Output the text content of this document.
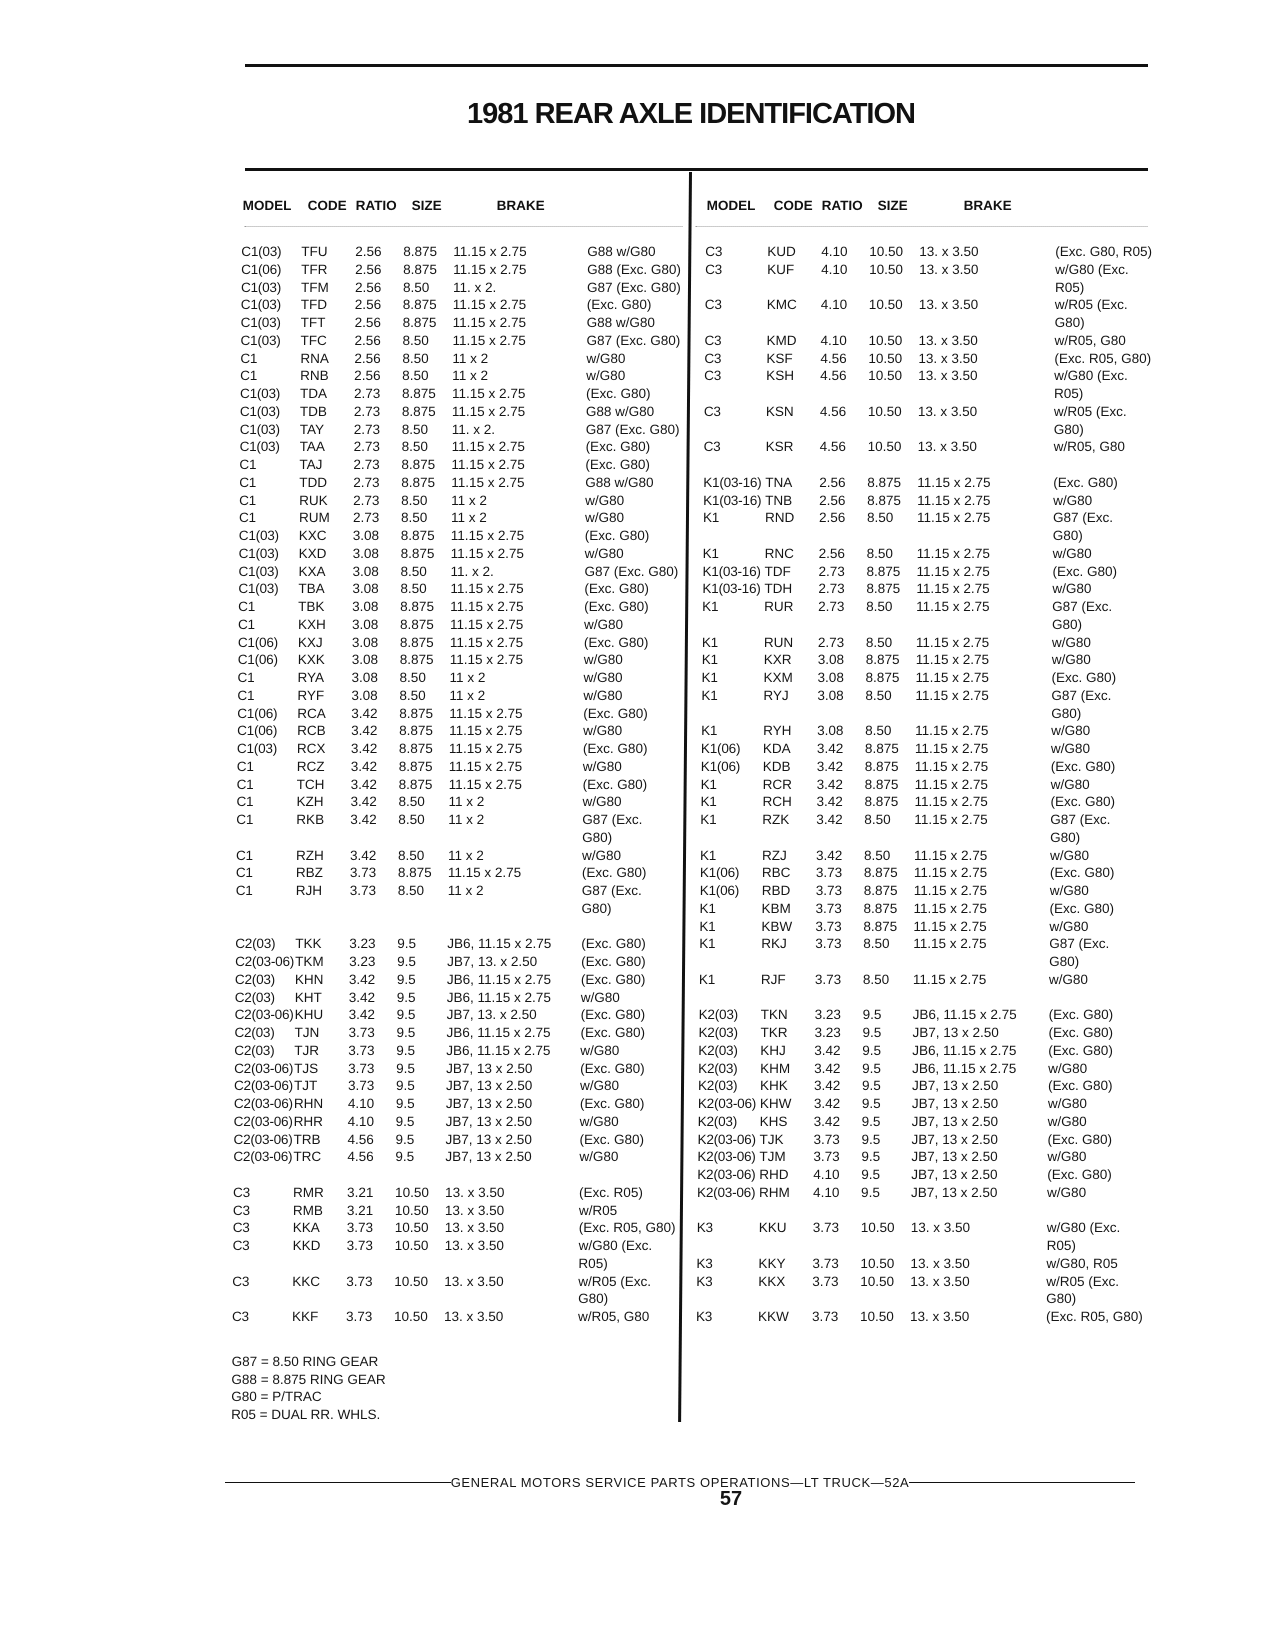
1981 REAR AXLE IDENTIFICATION
MODEL	CODE RATIO	SIZE	BRAKE
C1(03)	TFU	2.56	8.875	11.15 x 2.75	G88 w/G80
C1(06)	TFR	2.56	8.875	11.15 x 2.75	G88 (Exc. G80)
C1(03)	TFM	2.56	8.50	11. x 2.	G87 (Exc. G80)
C1(03)	TFD	2.56	8.875	11.15 x 2.75	(Exc. G80)
C1(03)	TFT	2.56	8.875	11.15 x 2.75	G88 w/G80
C1(03)	TFC	2.56	8.50	11.15 x 2.75	G87 (Exc. G80)
C1	RNA	2.56	8.50	11 x 2	w/G80
C1	RNB	2.56	8.50	11 x 2	w/G80
C1(03)	TDA	2.73	8.875	11.15 x 2.75	(Exc. G80)
C1(03)	TDB	2.73	8.875	11.15 x 2.75	G88 w/G80
C1(03)	TAY	2.73	8.50	11. x 2.	G87 (Exc. G80)
C1(03)	TAA	2.73	8.50	11.15 x 2.75	(Exc. G80)
C1	TAJ	2.73	8.875	11.15 x 2.75	(Exc. G80)
C1	TDD	2.73	8.875	11.15 x 2.75	G88 w/G80
C1	RUK	2.73	8.50	11 x 2	w/G80
C1	RUM	2.73	8.50	11 x 2	w/G80
C1(03)	KXC	3.08	8.875	11.15 x 2.75	(Exc. G80)
C1(03)	KXD	3.08	8.875	11.15 x 2.75	w/G80
C1(03)	KXA	3.08	8.50	11. x 2.	G87 (Exc. G80)
C1(03)	TBA	3.08	8.50	11.15 x 2.75	(Exc. G80)
C1	TBK	3.08	8.875	11.15 x 2.75	(Exc. G80)
C1	KXH	3.08	8.875	11.15 x 2.75	w/G80
C1(06)	KXJ	3.08	8.875	11.15 x 2.75	(Exc. G80)
C1(06)	KXK	3.08	8.875	11.15 x 2.75	w/G80
C1	RYA	3.08	8.50	11 x 2	w/G80
C1	RYF	3.08	8.50	11 x 2	w/G80
C1(06)	RCA	3.42	8.875	11.15 x 2.75	(Exc. G80)
C1(06)	RCB	3.42	8.875	11.15 x 2.75	w/G80
C1(03)	RCX	3.42	8.875	11.15 x 2.75	(Exc. G80)
C1	RCZ	3.42	8.875	11.15 x 2.75	w/G80
C1	TCH	3.42	8.875	11.15 x 2.75	(Exc. G80)
C1	KZH	3.42	8.50	11 x 2	w/G80
C1	RKB	3.42	8.50	11 x 2	G87 (Exc.
G80)
C1	RZH	3.42	8.50	11 x 2	w/G80
C1	RBZ	3.73	8.875	11.15 x 2.75	(Exc. G80)
C1	RJH	3.73	8.50	11 x 2	G87 (Exc.
G80)
C2(03)	TKK	3.23	9.5	JB6, 11.15 x 2.75	(Exc. G80)
C2(03-06) TKM	3.23	9.5	JB7, 13. x 2.50	(Exc. G80)
C2(03)	KHN	3.42	9.5	JB6, 11.15 x 2.75	(Exc. G80)
C2(03)	KHT	3.42	9.5	JB6, 11.15 x 2.75	w/G80
C2(03-06) KHU	3.42	9.5	JB7, 13. x 2.50	(Exc. G80)
C2(03)	TJN	3.73	9.5	JB6, 11.15 x 2.75	(Exc. G80)
C2(03)	TJR	3.73	9.5	JB6, 11.15 x 2.75	w/G80
C2(03-06) TJS	3.73	9.5	JB7, 13 x 2.50	(Exc. G80)
C2(03-06) TJT	3.73	9.5	JB7, 13 x 2.50	w/G80
C2(03-06) RHN	4.10	9.5	JB7, 13 x 2.50	(Exc. G80)
C2(03-06) RHR	4.10	9.5	JB7, 13 x 2.50	w/G80
C2(03-06) TRB	4.56	9.5	JB7, 13 x 2.50	(Exc. G80)
C2(03-06) TRC	4.56	9.5	JB7, 13 x 2.50	w/G80
C3	RMR	3.21	10.50	13. x 3.50	(Exc. R05)
C3	RMB	3.21	10.50	13. x 3.50	w/R05
C3	KKA	3.73	10.50	13. x 3.50	(Exc. R05, G80)
C3	KKD	3.73	10.50	13. x 3.50	w/G80 (Exc.
R05)
C3	KKC	3.73	10.50	13. x 3.50	w/R05 (Exc.
G80)
C3	KKF	3.73	10.50	13. x 3.50	w/R05, G80
G87 = 8.50 RING GEAR
G88 = 8.875 RING GEAR
G80 = P/TRAC
R05 = DUAL RR. WHLS.
MODEL	CODE RATIO	SIZE	BRAKE
C3	KUD	4.10	10.50	13. x 3.50	(Exc. G80, R05)
C3	KUF	4.10	10.50	13. x 3.50	w/G80 (Exc.
R05)
C3	KMC	4.10	10.50	13. x 3.50	w/R05 (Exc.
G80)
C3	KMD	4.10	10.50	13. x 3.50	w/R05, G80
C3	KSF	4.56	10.50	13. x 3.50	(Exc. R05, G80)
C3	KSH	4.56	10.50	13. x 3.50	w/G80 (Exc.
R05)
C3	KSN	4.56	10.50	13. x 3.50	w/R05 (Exc.
G80)
C3	KSR	4.56	10.50	13. x 3.50	w/R05, G80
K1(03-16) TNA	2.56	8.875	11.15 x 2.75	(Exc. G80)
K1(03-16) TNB	2.56	8.875	11.15 x 2.75	w/G80
K1	RND	2.56	8.50	11.15 x 2.75	G87 (Exc.
G80)
K1	RNC	2.56	8.50	11.15 x 2.75	w/G80
K1(03-16) TDF	2.73	8.875	11.15 x 2.75	(Exc. G80)
K1(03-16) TDH	2.73	8.875	11.15 x 2.75	w/G80
K1	RUR	2.73	8.50	11.15 x 2.75	G87 (Exc.
G80)
K1	RUN	2.73	8.50	11.15 x 2.75	w/G80
K1	KXR	3.08	8.875	11.15 x 2.75	w/G80
K1	KXM	3.08	8.875	11.15 x 2.75	(Exc. G80)
K1	RYJ	3.08	8.50	11.15 x 2.75	G87 (Exc.
G80)
K1	RYH	3.08	8.50	11.15 x 2.75	w/G80
K1(06)	KDA	3.42	8.875	11.15 x 2.75	w/G80
K1(06)	KDB	3.42	8.875	11.15 x 2.75	(Exc. G80)
K1	RCR	3.42	8.875	11.15 x 2.75	w/G80
K1	RCH	3.42	8.875	11.15 x 2.75	(Exc. G80)
K1	RZK	3.42	8.50	11.15 x 2.75	G87 (Exc.
G80)
K1	RZJ	3.42	8.50	11.15 x 2.75	w/G80
K1(06)	RBC	3.73	8.875	11.15 x 2.75	(Exc. G80)
K1(06)	RBD	3.73	8.875	11.15 x 2.75	w/G80
K1	KBM	3.73	8.875	11.15 x 2.75	(Exc. G80)
K1	KBW	3.73	8.875	11.15 x 2.75	w/G80
K1	RKJ	3.73	8.50	11.15 x 2.75	G87 (Exc.
G80)
K1	RJF	3.73	8.50	11.15 x 2.75	w/G80
K2(03)	TKN	3.23	9.5	JB6, 11.15 x 2.75	(Exc. G80)
K2(03)	TKR	3.23	9.5	JB7, 13 x 2.50	(Exc. G80)
K2(03)	KHJ	3.42	9.5	JB6, 11.15 x 2.75	(Exc. G80)
K2(03)	KHM	3.42	9.5	JB6, 11.15 x 2.75	w/G80
K2(03)	KHK	3.42	9.5	JB7, 13 x 2.50	(Exc. G80)
K2(03-06) KHW	3.42	9.5	JB7, 13 x 2.50	w/G80
K2(03)	KHS	3.42	9.5	JB7, 13 x 2.50	w/G80
K2(03-06) TJK	3.73	9.5	JB7, 13 x 2.50	(Exc. G80)
K2(03-06) TJM	3.73	9.5	JB7, 13 x 2.50	w/G80
K2(03-06) RHD	4.10	9.5	JB7, 13 x 2.50	(Exc. G80)
K2(03-06) RHM	4.10	9.5	JB7, 13 x 2.50	w/G80
K3	KKU	3.73	10.50	13. x 3.50	w/G80 (Exc.
R05)
K3	KKY	3.73	10.50	13. x 3.50	w/G80, R05
K3	KKX	3.73	10.50	13. x 3.50	w/R05 (Exc.
G80)
K3	KKW	3.73	10.50	13. x 3.50	(Exc. R05, G80)
GENERAL MOTORS SERVICE PARTS OPERATIONS—LT TRUCK—52A
57
